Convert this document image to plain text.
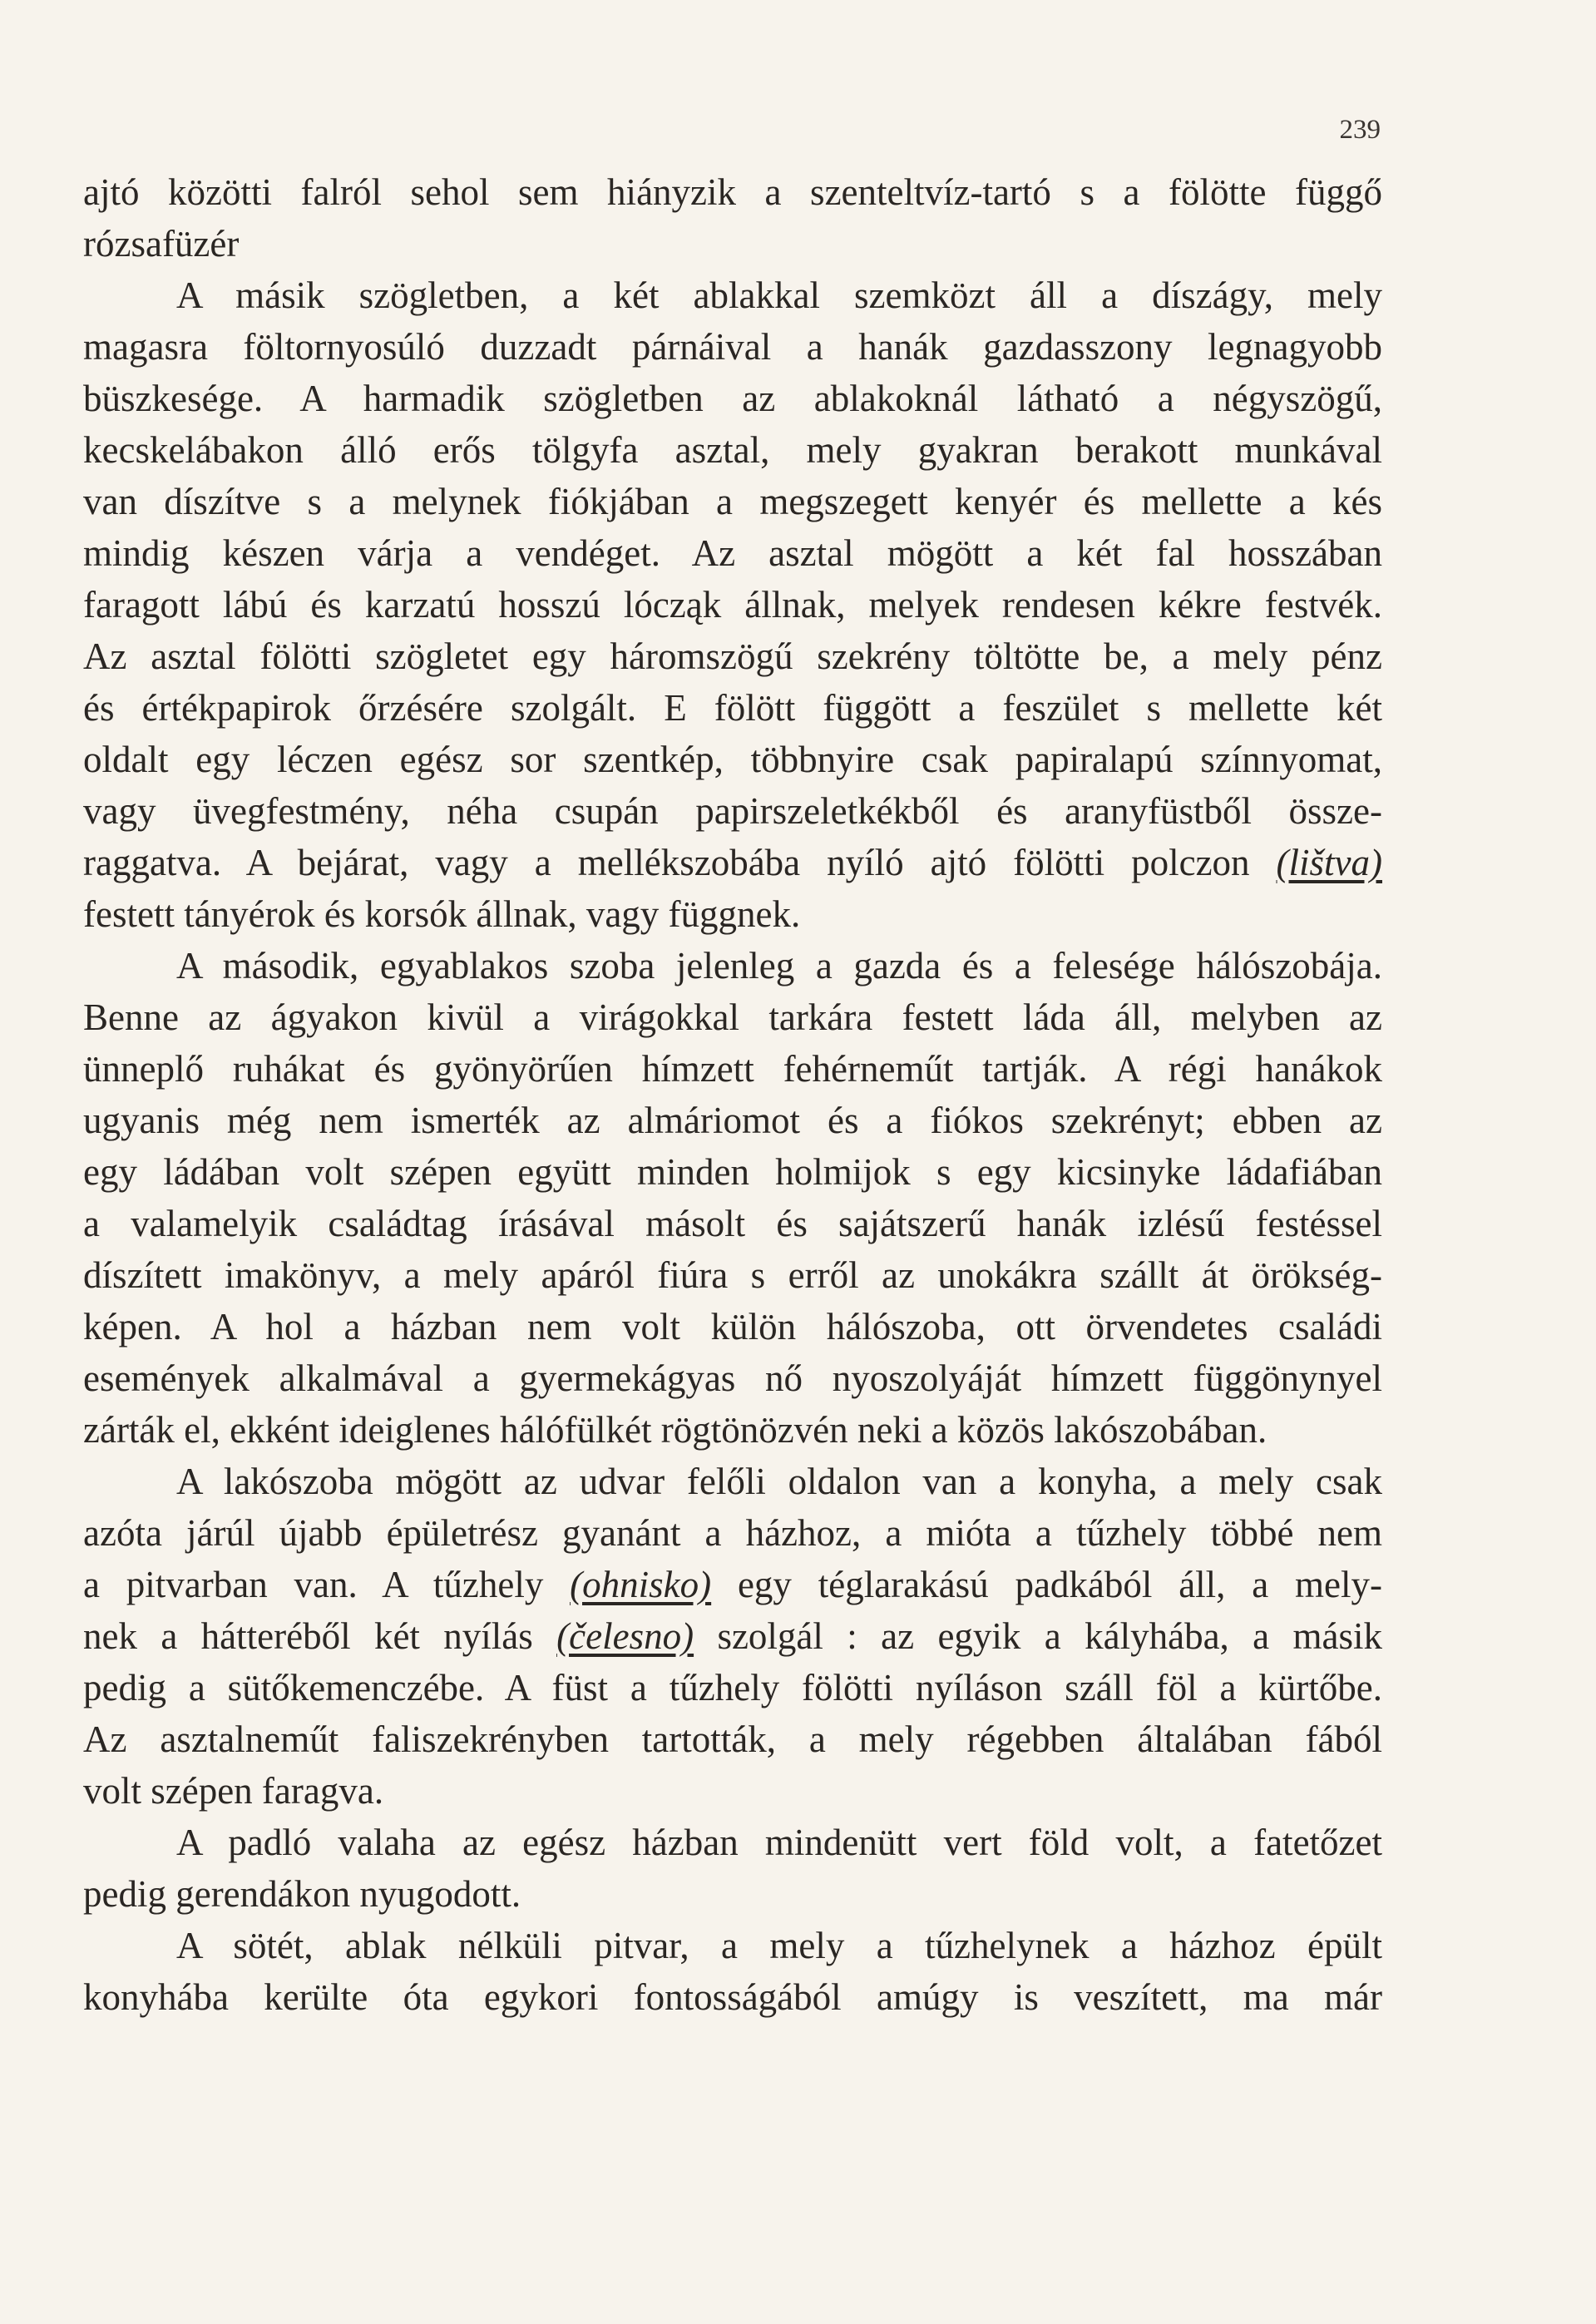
239
ajtó közötti falról sehol sem hiányzik a szenteltvíz-tartó s a fölötte függő
rózsafüzér
A másik szögletben, a két ablakkal szemközt áll a díszágy, mely
magasra föltornyosúló duzzadt párnáival a hanák gazdasszony legnagyobb
büszkesége. A harmadik szögletben az ablakoknál látható a négyszögű,
kecskelábakon álló erős tölgyfa asztal, mely gyakran berakott munkával
van díszítve s a melynek fiókjában a megszegett kenyér és mellette a kés
mindig készen várja a vendéget. Az asztal mögött a két fal hosszában
faragott lábú és karzatú hosszú lócząk állnak, melyek rendesen kékre festvék.
Az asztal fölötti szögletet egy háromszögű szekrény töltötte be, a mely pénz
és értékpapirok őrzésére szolgált. E fölött függött a feszület s mellette két
oldalt egy léczen egész sor szentkép, többnyire csak papiralapú színnyomat,
vagy üvegfestmény, néha csupán papirszeletkékből és aranyfüstből össze-
raggatva. A bejárat, vagy a mellékszobába nyíló ajtó fölötti polczon (lištva)
festett tányérok és korsók állnak, vagy függnek.
A második, egyablakos szoba jelenleg a gazda és a felesége hálószobája.
Benne az ágyakon kivül a virágokkal tarkára festett láda áll, melyben az
ünneplő ruhákat és gyönyörűen hímzett fehérneműt tartják. A régi hanákok
ugyanis még nem ismerték az almáriomot és a fiókos szekrényt; ebben az
egy ládában volt szépen együtt minden holmijok s egy kicsinyke ládafiában
a valamelyik családtag írásával másolt és sajátszerű hanák izlésű festéssel
díszített imakönyv, a mely apáról fiúra s erről az unokákra szállt át örökség-
képen. A hol a házban nem volt külön hálószoba, ott örvendetes családi
események alkalmával a gyermekágyas nő nyoszolyáját hímzett függönynyel
zárták el, ekként ideiglenes hálófülkét rögtönözvén neki a közös lakószobában.
A lakószoba mögött az udvar felőli oldalon van a konyha, a mely csak
azóta járúl újabb épületrész gyanánt a házhoz, a mióta a tűzhely többé nem
a pitvarban van. A tűzhely (ohnisko) egy téglarakású padkából áll, a mely-
nek a hátteréből két nyílás (čelesno) szolgál : az egyik a kályhába, a másik
pedig a sütőkemenczébe. A füst a tűzhely fölötti nyíláson száll föl a kürtőbe.
Az asztalneműt faliszekrényben tartották, a mely régebben általában fából
volt szépen faragva.
A padló valaha az egész házban mindenütt vert föld volt, a fatetőzet
pedig gerendákon nyugodott.
A sötét, ablak nélküli pitvar, a mely a tűzhelynek a házhoz épült
konyhába kerülte óta egykori fontosságából amúgy is veszített, ma már
